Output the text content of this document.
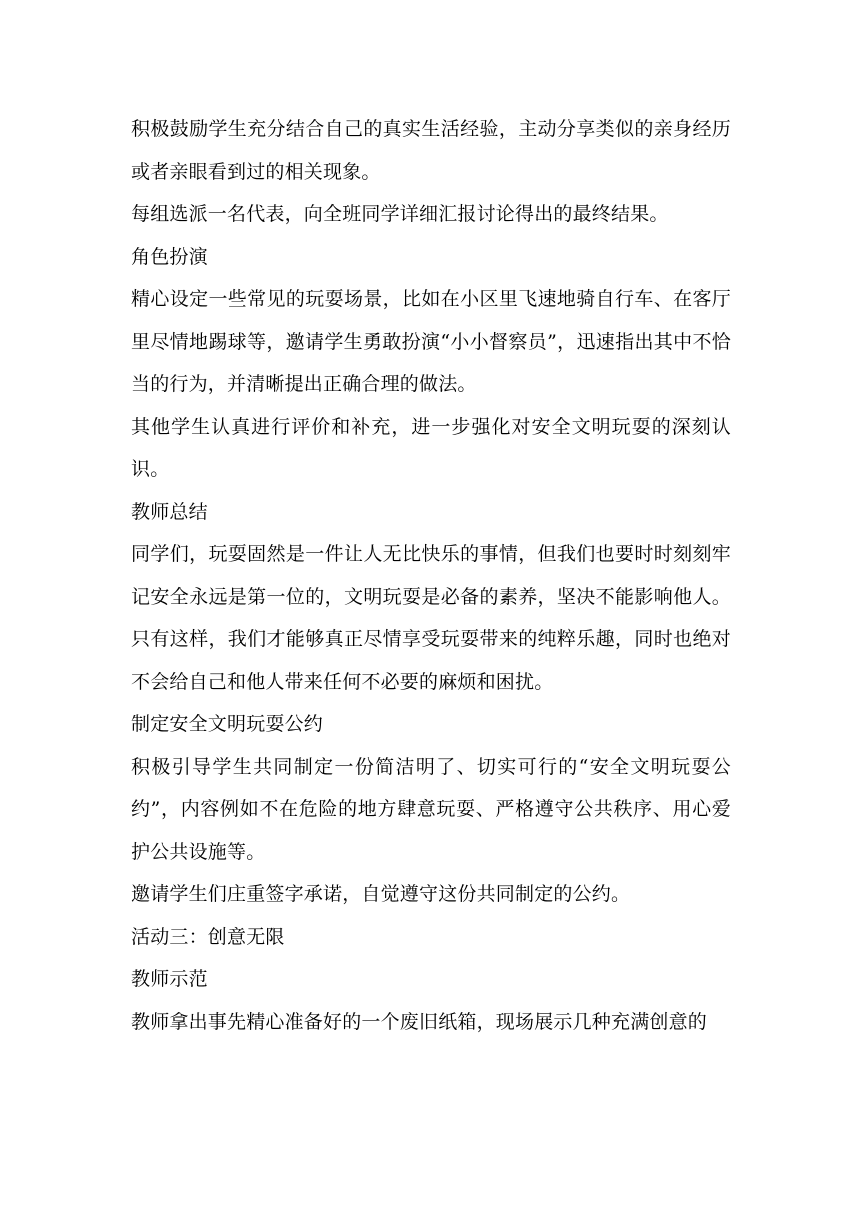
积极鼓励学生充分结合自己的真实生活经验，主动分享类似的亲身经历或者亲眼看到过的相关现象。

每组选派一名代表，向全班同学详细汇报讨论得出的最终结果。

角色扮演

精心设定一些常见的玩耍场景，比如在小区里飞速地骑自行车、在客厅里尽情地踢球等，邀请学生勇敢扮演“小小督察员”，迅速指出其中不恰当的行为，并清晰提出正确合理的做法。

其他学生认真进行评价和补充，进一步强化对安全文明玩耍的深刻认识。

教师总结

同学们，玩耍固然是一件让人无比快乐的事情，但我们也要时时刻刻牢记安全永远是第一位的，文明玩耍是必备的素养，坚决不能影响他人。只有这样，我们才能够真正尽情享受玩耍带来的纯粹乐趣，同时也绝对不会给自己和他人带来任何不必要的麻烦和困扰。

制定安全文明玩耍公约

积极引导学生共同制定一份简洁明了、切实可行的“安全文明玩耍公约”，内容例如不在危险的地方肆意玩耍、严格遵守公共秩序、用心爱护公共设施等。

邀请学生们庄重签字承诺，自觉遵守这份共同制定的公约。

活动三：创意无限

教师示范

教师拿出事先精心准备好的一个废旧纸箱，现场展示几种充满创意的
